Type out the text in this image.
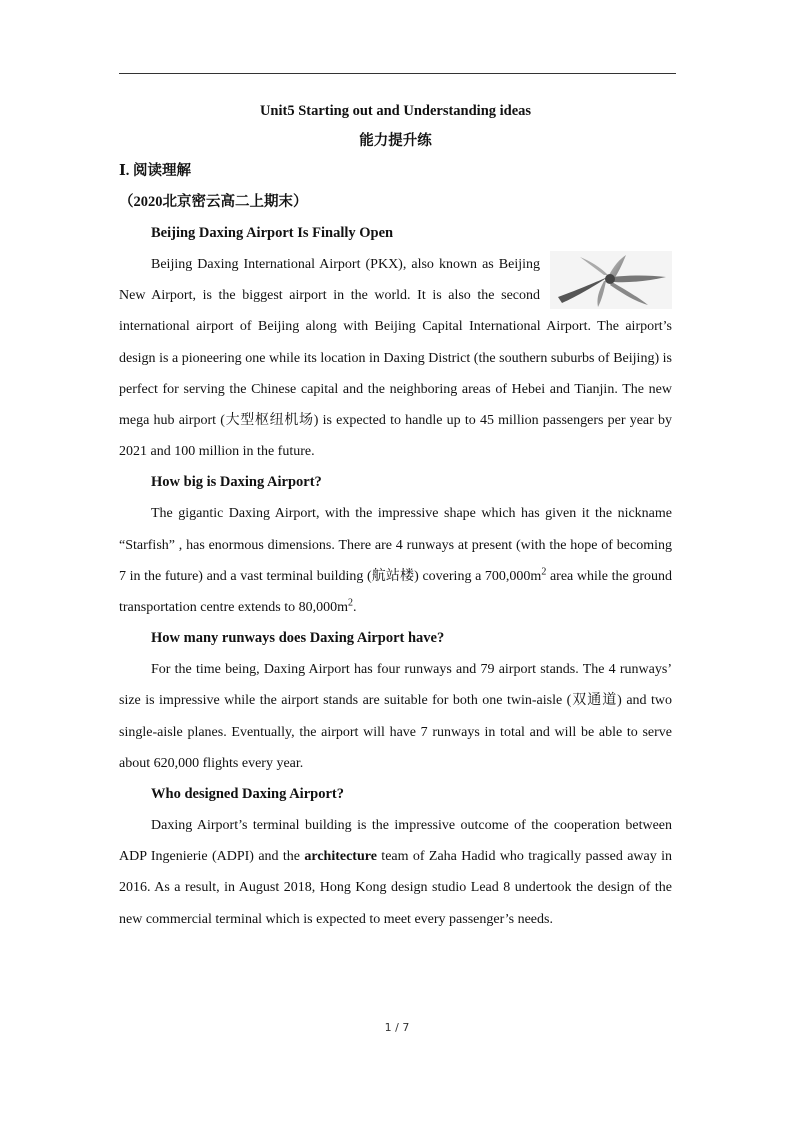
Unit5 Starting out and Understanding ideas
能力提升练
Ⅰ. 阅读理解
（2020北京密云高二上期末）
Beijing Daxing Airport Is Finally Open

Beijing Daxing International Airport (PKX), also known as Beijing New Airport, is the biggest airport in the world. It is also the second international airport of Beijing along with Beijing Capital International Airport. The airport’s design is a pioneering one while its location in Daxing District (the southern suburbs of Beijing) is perfect for serving the Chinese capital and the neighboring areas of Hebei and Tianjin. The new mega hub airport (大型枢纽机场) is expected to handle up to 45 million passengers per year by 2021 and 100 million in the future.

How big is Daxing Airport?

The gigantic Daxing Airport, with the impressive shape which has given it the nickname “Starfish” , has enormous dimensions. There are 4 runways at present (with the hope of becoming 7 in the future) and a vast terminal building (航站楼) covering a $700,000m^2$ area while the ground transportation centre extends to $80,000m^2$.

How many runways does Daxing Airport have?

For the time being, Daxing Airport has four runways and 79 airport stands. The 4 runways’ size is impressive while the airport stands are suitable for both one twin-aisle (双通道) and two single-aisle planes. Eventually, the airport will have 7 runways in total and will be able to serve about 620,000 flights every year.

Who designed Daxing Airport?

Daxing Airport’s terminal building is the impressive outcome of the cooperation between ADP Ingenierie (ADPI) and the architecture team of Zaha Hadid who tragically passed away in 2016. As a result, in August 2018, Hong Kong design studio Lead 8 undertook the design of the new commercial terminal which is expected to meet every passenger’s needs.

1 / 7
